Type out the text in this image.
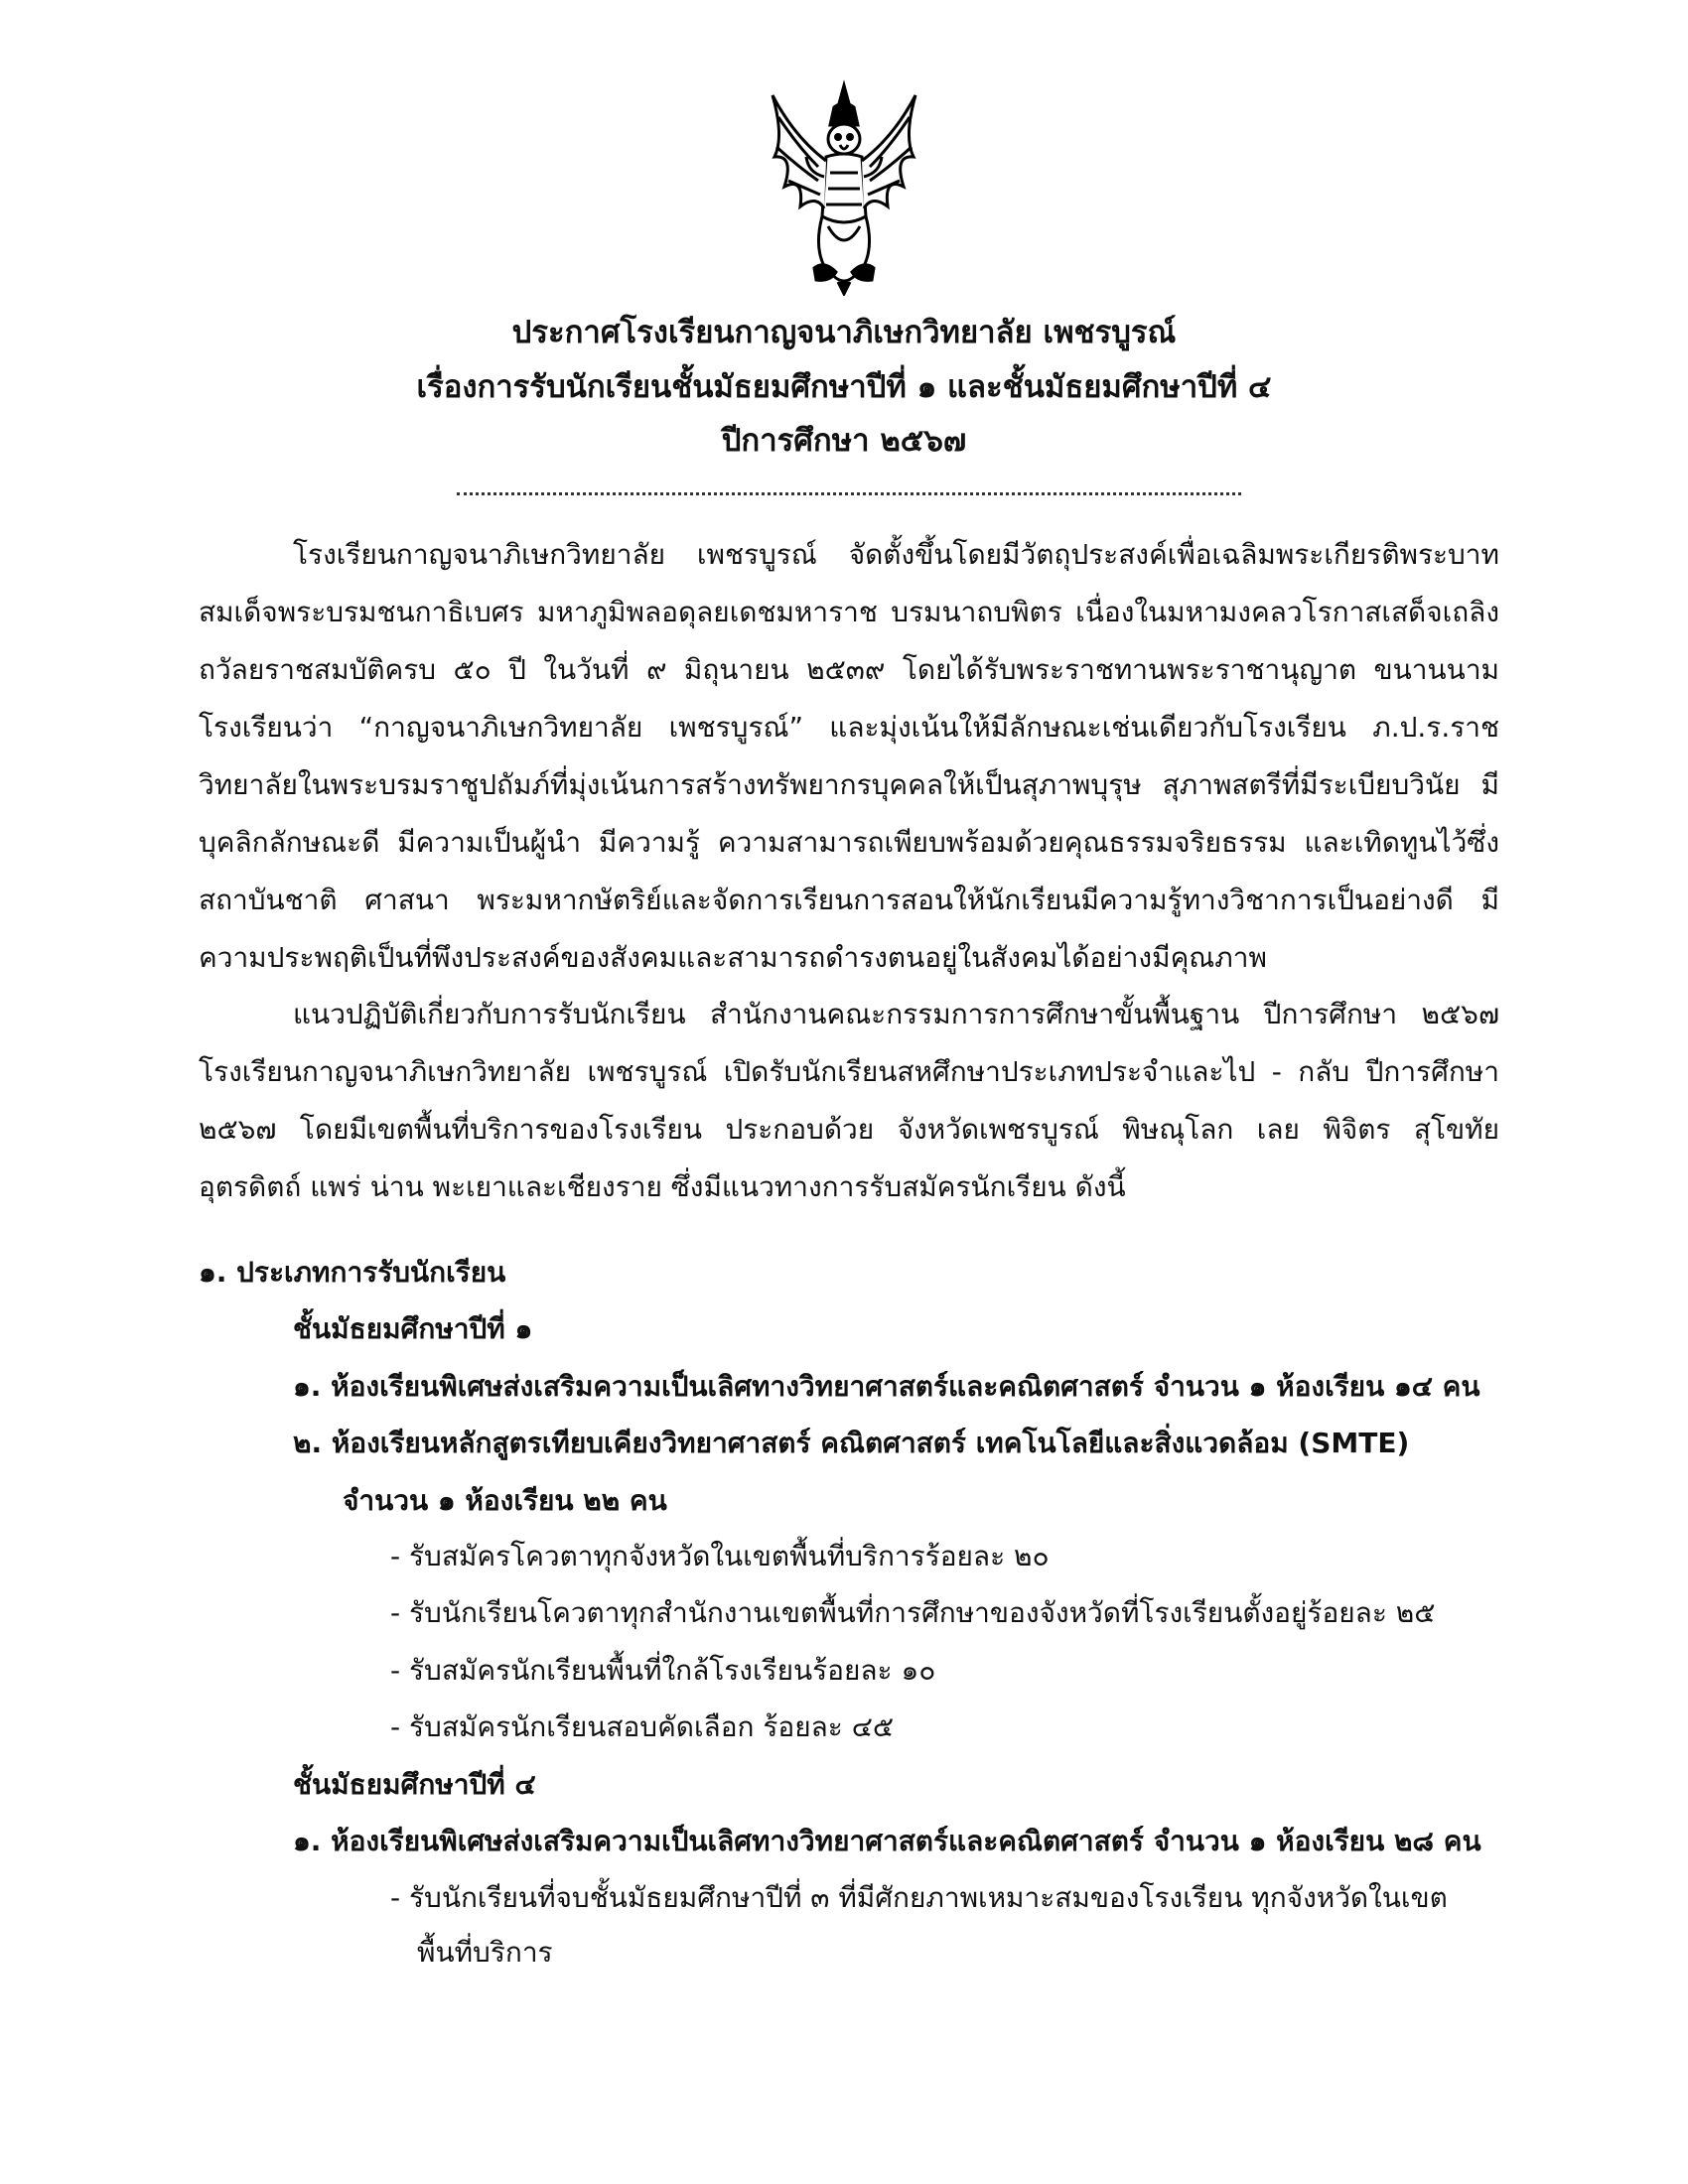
ประกาศโรงเรียนกาญจนาภิเษกวิทยาลัย เพชรบูรณ์
เรื่องการรับนักเรียนชั้นมัธยมศึกษาปีที่ ๑ และชั้นมัธยมศึกษาปีที่ ๔
ปีการศึกษา ๒๕๖๗

โรงเรียนกาญจนาภิเษกวิทยาลัย เพชรบูรณ์ จัดตั้งขึ้นโดยมีวัตถุประสงค์เพื่อเฉลิมพระเกียรติพระบาทสมเด็จพระบรมชนกาธิเบศร มหาภูมิพลอดุลยเดชมหาราช บรมนาถบพิตร เนื่องในมหามงคลวโรกาสเสด็จเถลิงถวัลยราชสมบัติครบ ๕๐ ปี ในวันที่ ๙ มิถุนายน ๒๕๓๙ โดยได้รับพระราชทานพระราชานุญาต ขนานนามโรงเรียนว่า “กาญจนาภิเษกวิทยาลัย เพชรบูรณ์” และมุ่งเน้นให้มีลักษณะเช่นเดียวกับโรงเรียน ภ.ป.ร.ราชวิทยาลัยในพระบรมราชูปถัมภ์ที่มุ่งเน้นการสร้างทรัพยากรบุคคลให้เป็นสุภาพบุรุษ สุภาพสตรีที่มีระเบียบวินัย มีบุคลิกลักษณะดี มีความเป็นผู้นำ มีความรู้ ความสามารถเพียบพร้อมด้วยคุณธรรมจริยธรรม และเทิดทูนไว้ซึ่งสถาบันชาติ ศาสนา พระมหากษัตริย์และจัดการเรียนการสอนให้นักเรียนมีความรู้ทางวิชาการเป็นอย่างดี มีความประพฤติเป็นที่พึงประสงค์ของสังคมและสามารถดำรงตนอยู่ในสังคมได้อย่างมีคุณภาพ

แนวปฏิบัติเกี่ยวกับการรับนักเรียน สำนักงานคณะกรรมการการศึกษาขั้นพื้นฐาน ปีการศึกษา ๒๕๖๗ โรงเรียนกาญจนาภิเษกวิทยาลัย เพชรบูรณ์ เปิดรับนักเรียนสหศึกษาประเภทประจำและไป - กลับ ปีการศึกษา ๒๕๖๗ โดยมีเขตพื้นที่บริการของโรงเรียน ประกอบด้วย จังหวัดเพชรบูรณ์ พิษณุโลก เลย พิจิตร สุโขทัย อุตรดิตถ์ แพร่ น่าน พะเยาและเชียงราย ซึ่งมีแนวทางการรับสมัครนักเรียน ดังนี้

๑. ประเภทการรับนักเรียน
ชั้นมัธยมศึกษาปีที่ ๑
๑. ห้องเรียนพิเศษส่งเสริมความเป็นเลิศทางวิทยาศาสตร์และคณิตศาสตร์ จำนวน ๑ ห้องเรียน ๑๔ คน
๒. ห้องเรียนหลักสูตรเทียบเคียงวิทยาศาสตร์ คณิตศาสตร์ เทคโนโลยีและสิ่งแวดล้อม (SMTE)
จำนวน ๑ ห้องเรียน ๒๒ คน
- รับสมัครโควตาทุกจังหวัดในเขตพื้นที่บริการร้อยละ ๒๐
- รับนักเรียนโควตาทุกสำนักงานเขตพื้นที่การศึกษาของจังหวัดที่โรงเรียนตั้งอยู่ร้อยละ ๒๕
- รับสมัครนักเรียนพื้นที่ใกล้โรงเรียนร้อยละ ๑๐
- รับสมัครนักเรียนสอบคัดเลือก ร้อยละ ๔๕
ชั้นมัธยมศึกษาปีที่ ๔
๑. ห้องเรียนพิเศษส่งเสริมความเป็นเลิศทางวิทยาศาสตร์และคณิตศาสตร์ จำนวน ๑ ห้องเรียน ๒๘ คน
- รับนักเรียนที่จบชั้นมัธยมศึกษาปีที่ ๓ ที่มีศักยภาพเหมาะสมของโรงเรียน ทุกจังหวัดในเขต
พื้นที่บริการ
